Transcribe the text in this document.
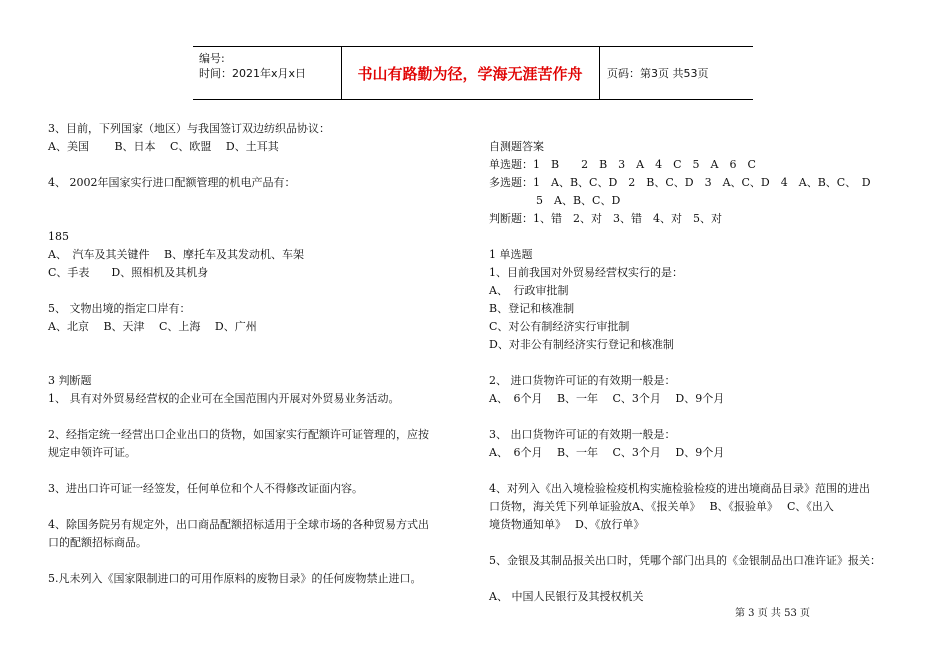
编号:
时间：2021年x月x日	书山有路勤为径，学海无涯苦作舟	页码：第3页 共53页
3、目前，下列国家（地区）与我国签订双边纺织品协议：
A、美国　　 B、日本　 C、欧盟　 D、土耳其
4、 2002年国家实行进口配额管理的机电产品有：
185
A、　汽车及其关键件　 B、摩托车及其发动机、车架
C、手表　　D、照相机及其机身
5、 文物出境的指定口岸有：
A、北京　 B、天津　 C、上海　 D、广州
3 判断题
1、 具有对外贸易经营权的企业可在全国范围内开展对外贸易业务活动。
2、经指定统一经营出口企业出口的货物，如国家实行配额许可证管理的，应按
规定申领许可证。
3、进出口许可证一经签发，任何单位和个人不得修改证面内容。
4、除国务院另有规定外，出口商品配额招标适用于全球市场的各种贸易方式出
口的配额招标商品。
5.凡未列入《国家限制进口的可用作原料的废物目录》的任何废物禁止进口。
自测题答案
单选题：1　B　　2　B　3　A　4　C　5　A　6　C
多选题：1　A、B、C、D　2　B、C、D　3　A、C、D　4　A、B、C、　D
5　A、B、C、D
判断题：1、错　2、对　3、错　4、对　5、对
1 单选题
1、目前我国对外贸易经营权实行的是：
A、　行政审批制
B、登记和核准制
C、对公有制经济实行审批制
D、对非公有制经济实行登记和核准制
2、 进口货物许可证的有效期一般是：
A、　6个月　 B、一年　 C、3个月　 D、9个月
3、 出口货物许可证的有效期一般是：
A、　6个月　 B、一年　 C、3个月　 D、9个月
4、对列入《出入境检验检疫机构实施检验检疫的进出境商品目录》范围的进出
口货物，海关凭下列单证验放A、《报关单》　 B、《报验单》　 C、《出入
境货物通知单》　 D、《放行单》
5、金银及其制品报关出口时，凭哪个部门出具的《金银制品出口准许证》报关：
A、 中国人民银行及其授权机关
第 3 页 共 53 页
